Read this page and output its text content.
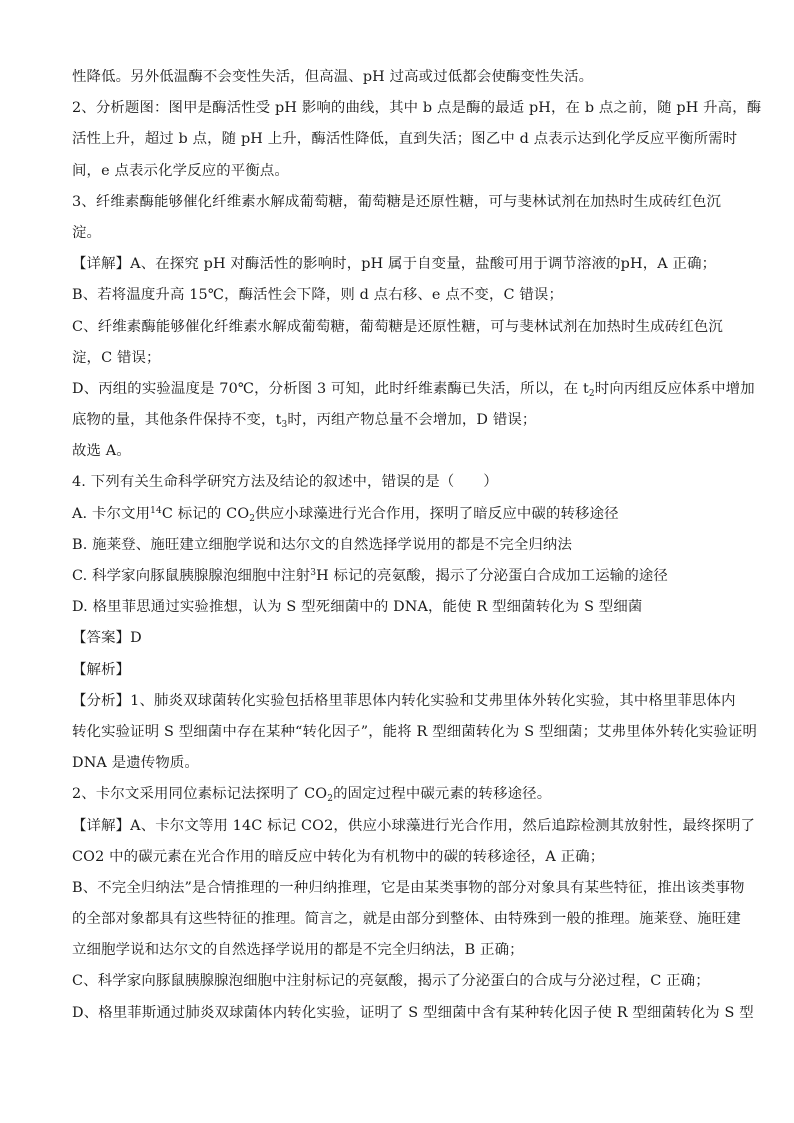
性降低。另外低温酶不会变性失活，但高温、pH 过高或过低都会使酶变性失活。
2、分析题图：图甲是酶活性受 pH 影响的曲线，其中 b 点是酶的最适 pH，在 b 点之前，随 pH 升高，酶
活性上升，超过 b 点，随 pH 上升，酶活性降低，直到失活；图乙中 d 点表示达到化学反应平衡所需时
间，e 点表示化学反应的平衡点。
3、纤维素酶能够催化纤维素水解成葡萄糖，葡萄糖是还原性糖，可与斐林试剂在加热时生成砖红色沉
淀。
【详解】A、在探究 pH 对酶活性的影响时，pH 属于自变量，盐酸可用于调节溶液的pH，A 正确；
B、若将温度升高 15℃，酶活性会下降，则 d 点右移、e 点不变，C 错误；
C、纤维素酶能够催化纤维素水解成葡萄糖，葡萄糖是还原性糖，可与斐林试剂在加热时生成砖红色沉
淀，C 错误；
D、丙组的实验温度是 70℃，分析图 3 可知，此时纤维素酶已失活，所以，在 $t_2$时向丙组反应体系中增加
底物的量，其他条件保持不变，$t_3$时，丙组产物总量不会增加，D 错误；
故选 A。
4. 下列有关生命科学研究方法及结论的叙述中，错误的是（　　）
A. 卡尔文用$^{14}$C 标记的 $CO_2$供应小球藻进行光合作用，探明了暗反应中碳的转移途径
B. 施莱登、施旺建立细胞学说和达尔文的自然选择学说用的都是不完全归纳法
C. 科学家向豚鼠胰腺腺泡细胞中注射$^3$H 标记的亮氨酸，揭示了分泌蛋白合成加工运输的途径
D. 格里菲思通过实验推想，认为 S 型死细菌中的 DNA，能使 R 型细菌转化为 S 型细菌
【答案】D
【解析】
【分析】1、肺炎双球菌转化实验包括格里菲思体内转化实验和艾弗里体外转化实验，其中格里菲思体内
转化实验证明 S 型细菌中存在某种“转化因子”，能将 R 型细菌转化为 S 型细菌；艾弗里体外转化实验证明
DNA 是遗传物质。
2、卡尔文采用同位素标记法探明了 $CO_2$的固定过程中碳元素的转移途径。
【详解】A、卡尔文等用 14C 标记 CO2，供应小球藻进行光合作用，然后追踪检测其放射性，最终探明了
CO2 中的碳元素在光合作用的暗反应中转化为有机物中的碳的转移途径，A 正确；
B、不完全归纳法”是合情推理的一种归纳推理，它是由某类事物的部分对象具有某些特征，推出该类事物
的全部对象都具有这些特征的推理。简言之，就是由部分到整体、由特殊到一般的推理。施莱登、施旺建
立细胞学说和达尔文的自然选择学说用的都是不完全归纳法，B 正确；
C、科学家向豚鼠胰腺腺泡细胞中注射标记的亮氨酸，揭示了分泌蛋白的合成与分泌过程，C 正确；
D、格里菲斯通过肺炎双球菌体内转化实验，证明了 S 型细菌中含有某种转化因子使 R 型细菌转化为 S 型
